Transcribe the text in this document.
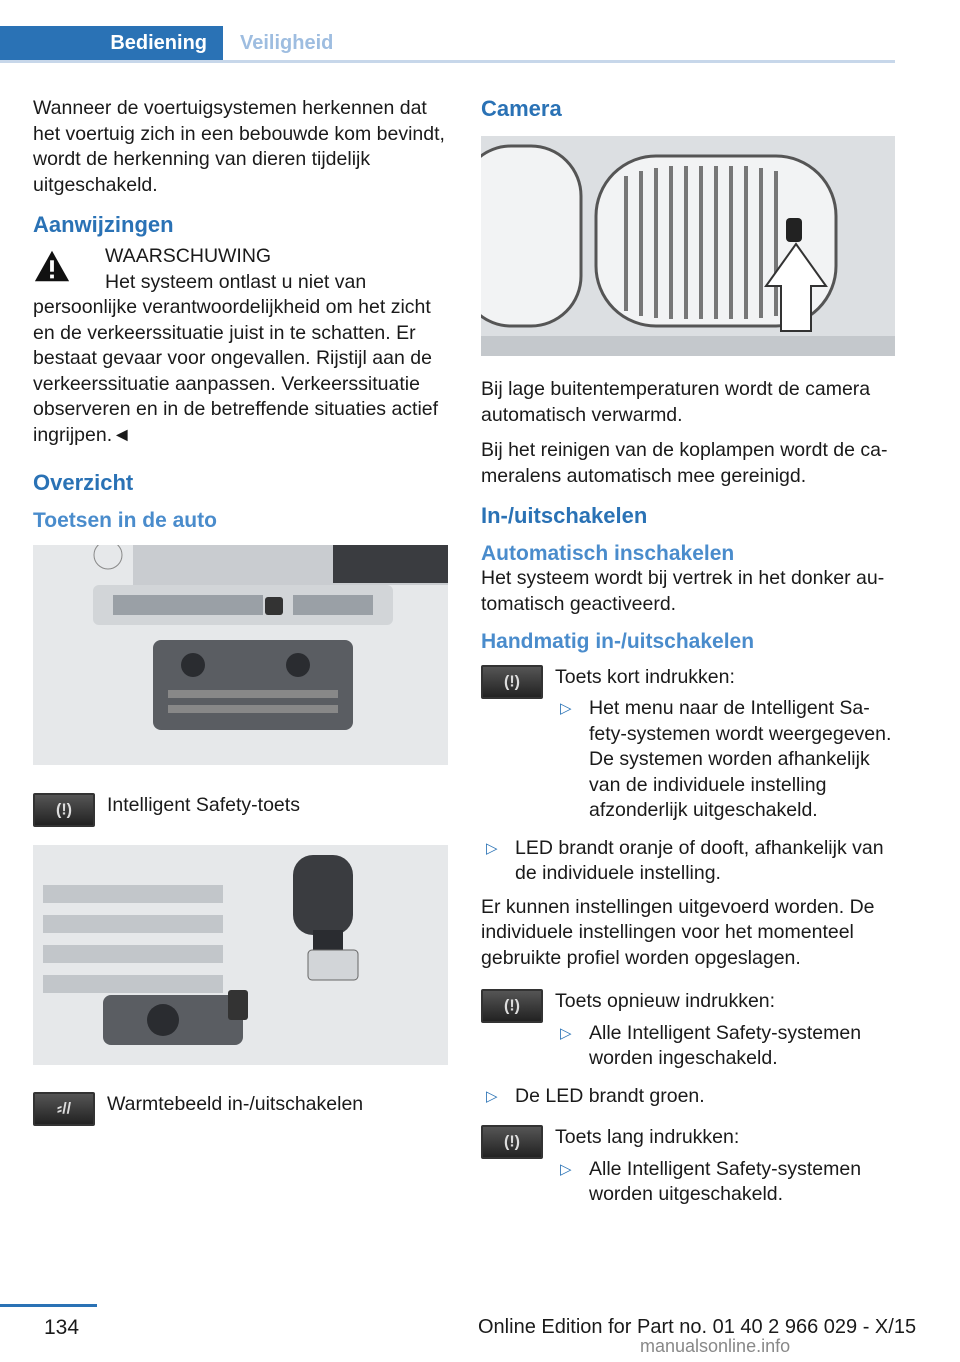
Bediening	Veiligheid

Wanneer de voertuigsystemen herkennen dat het voertuig zich in een bebouwde kom bevindt, wordt de herkenning van dieren tijdelijk uitgeschakeld.

Aanwijzingen
WAARSCHUWING

Het systeem ontlast u niet van persoonlijke verantwoordelijkheid om het zicht en de verkeerssituatie juist in te schatten. Er bestaat gevaar voor ongevallen. Rijstijl aan de verkeerssituatie aanpassen. Verkeerssituatie observeren en in de betreffende situaties actief ingrijpen.◄

Overzicht
Toetsen in de auto
(!) Intelligent Safety-toets
⸗// Warmtebeeld in-/uitschakelen
Camera

Bij lage buitentemperaturen wordt de camera automatisch verwarmd.

Bij het reinigen van de koplampen wordt de cameralens automatisch mee gereinigd.

In-/uitschakelen
Automatisch inschakelen

Het systeem wordt bij vertrek in het donker automatisch geactiveerd.

Handmatig in-/uitschakelen
(!) Toets kort indrukken:
▷ Het menu naar de Intelligent Safety-systemen wordt weergegeven. De systemen worden afhankelijk van de individuele instelling afzonderlijk uitgeschakeld.
▷ LED brandt oranje of dooft, afhankelijk van de individuele instelling.

Er kunnen instellingen uitgevoerd worden. De individuele instellingen voor het momenteel gebruikte profiel worden opgeslagen.

(!) Toets opnieuw indrukken:
▷ Alle Intelligent Safety-systemen worden ingeschakeld.
▷ De LED brandt groen.
(!) Toets lang indrukken:
▷ Alle Intelligent Safety-systemen worden uitgeschakeld.
134	Online Edition for Part no. 01 40 2 966 029 - X/15
manualsonline.info
